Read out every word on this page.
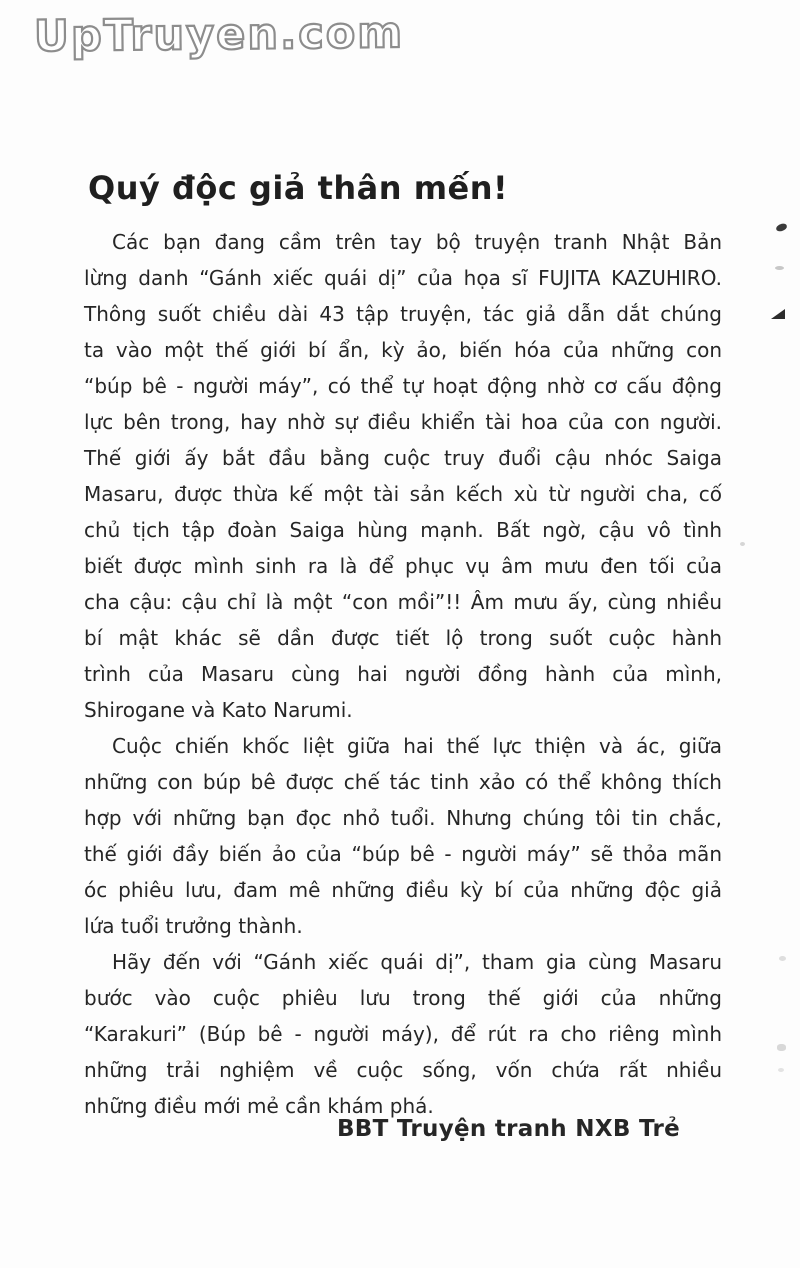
UpTruyen.com
Quý độc giả thân mến!
Các bạn đang cầm trên tay bộ truyện tranh Nhật Bản
lừng danh “Gánh xiếc quái dị” của họa sĩ FUJITA KAZUHIRO.
Thông suốt chiều dài 43 tập truyện, tác giả dẫn dắt chúng
ta vào một thế giới bí ẩn, kỳ ảo, biến hóa của những con
“búp bê - người máy”, có thể tự hoạt động nhờ cơ cấu động
lực bên trong, hay nhờ sự điều khiển tài hoa của con người.
Thế giới ấy bắt đầu bằng cuộc truy đuổi cậu nhóc Saiga
Masaru, được thừa kế một tài sản kếch xù từ người cha, cố
chủ tịch tập đoàn Saiga hùng mạnh. Bất ngờ, cậu vô tình
biết được mình sinh ra là để phục vụ âm mưu đen tối của
cha cậu: cậu chỉ là một “con mồi”!! Âm mưu ấy, cùng nhiều
bí mật khác sẽ dần được tiết lộ trong suốt cuộc hành
trình của Masaru cùng hai người đồng hành của mình,
Shirogane và Kato Narumi.
Cuộc chiến khốc liệt giữa hai thế lực thiện và ác, giữa
những con búp bê được chế tác tinh xảo có thể không thích
hợp với những bạn đọc nhỏ tuổi. Nhưng chúng tôi tin chắc,
thế giới đầy biến ảo của “búp bê - người máy” sẽ thỏa mãn
óc phiêu lưu, đam mê những điều kỳ bí của những độc giả
lứa tuổi trưởng thành.
Hãy đến với “Gánh xiếc quái dị”, tham gia cùng Masaru
bước vào cuộc phiêu lưu trong thế giới của những
“Karakuri” (Búp bê - người máy), để rút ra cho riêng mình
những trải nghiệm về cuộc sống, vốn chứa rất nhiều
những điều mới mẻ cần khám phá.
BBT Truyện tranh NXB Trẻ
